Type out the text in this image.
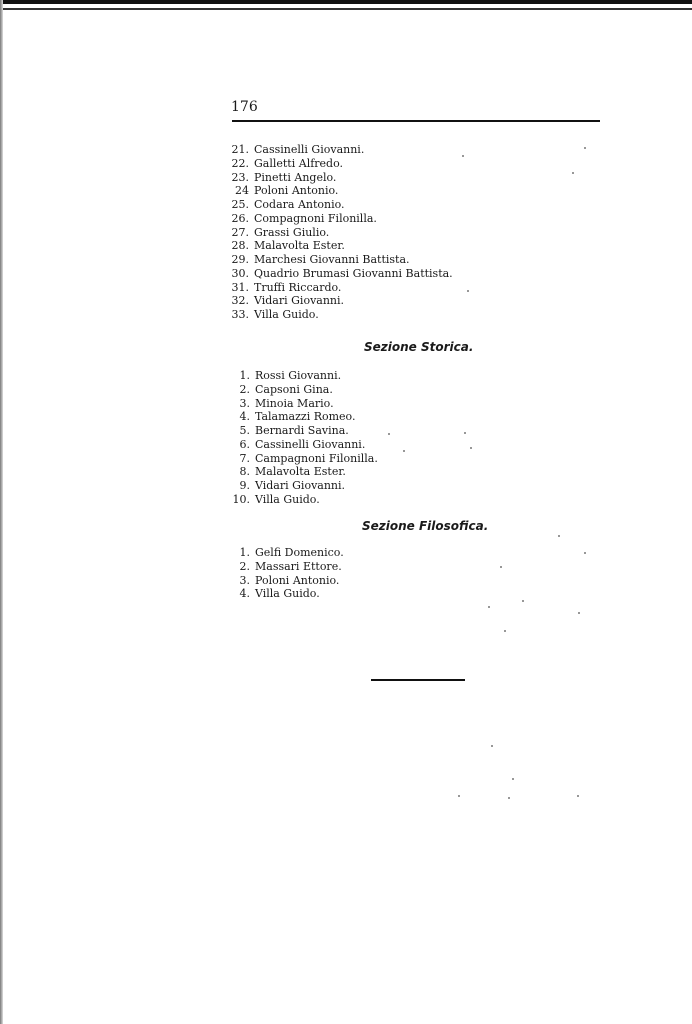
176
21. Cassinelli Giovanni.
22. Galletti Alfredo.
23. Pinetti Angelo.
24 Poloni Antonio.
25. Codara Antonio.
26. Compagnoni Filonilla.
27. Grassi Giulio.
28. Malavolta Ester.
29. Marchesi Giovanni Battista.
30. Quadrio Brumasi Giovanni Battista.
31. Truffi Riccardo.
32. Vidari Giovanni.
33. Villa Guido.
Sezione Storica.
1. Rossi Giovanni.
2. Capsoni Gina.
3. Minoia Mario.
4. Talamazzi Romeo.
5. Bernardi Savina.
6. Cassinelli Giovanni.
7. Campagnoni Filonilla.
8. Malavolta Ester.
9. Vidari Giovanni.
10. Villa Guido.
Sezione Filosofica.
1. Gelfi Domenico.
2. Massari Ettore.
3. Poloni Antonio.
4. Villa Guido.
